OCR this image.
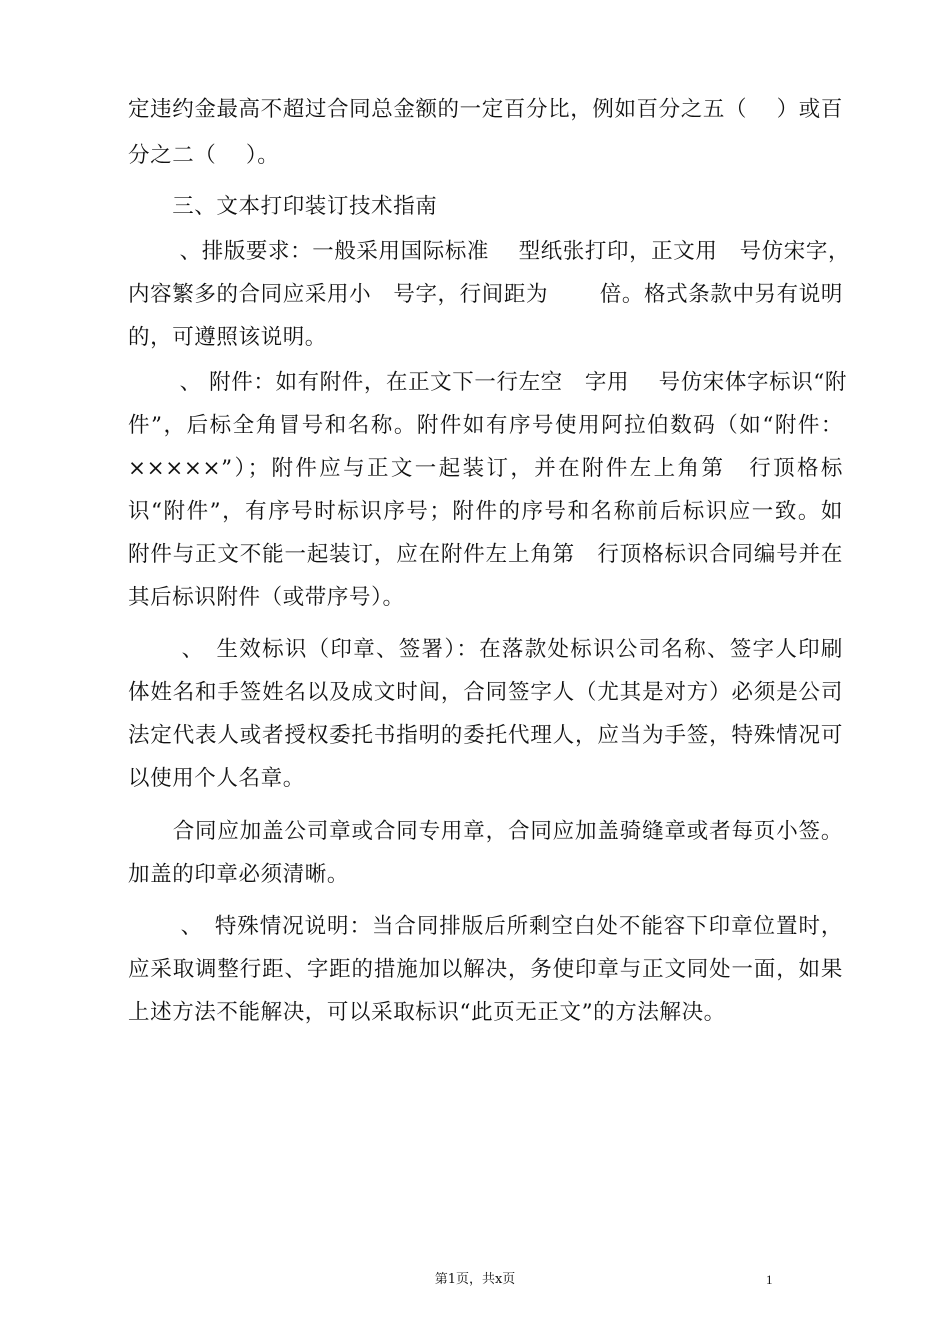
定违约金最高不超过合同总金额的一定百分比，例如百分之五（　 ）或百
分之二（　 ）。
　　三、文本打印装订技术指南
　　 、排版要求：一般采用国际标准　 型纸张打印，正文用　号仿宋字，
内容繁多的合同应采用小　号字，行间距为　　 倍。格式条款中另有说明
的，可遵照该说明。
　　 、 附件：如有附件，在正文下一行左空　字用　 号仿宋体字标识“附
件”，后标全角冒号和名称。附件如有序号使用阿拉伯数码（如“附件：
×××××”）；附件应与正文一起装订，并在附件左上角第　行顶格标
识“附件”，有序号时标识序号；附件的序号和名称前后标识应一致。如
附件与正文不能一起装订，应在附件左上角第　行顶格标识合同编号并在
其后标识附件（或带序号）。
　　 、　生效标识（印章、签署）：在落款处标识公司名称、签字人印刷
体姓名和手签姓名以及成文时间，合同签字人（尤其是对方）必须是公司
法定代表人或者授权委托书指明的委托代理人，应当为手签，特殊情况可
以使用个人名章。
　　合同应加盖公司章或合同专用章，合同应加盖骑缝章或者每页小签。
加盖的印章必须清晰。
　　 、　特殊情况说明：当合同排版后所剩空白处不能容下印章位置时，
应采取调整行距、字距的措施加以解决，务使印章与正文同处一面，如果
上述方法不能解决，可以采取标识“此页无正文”的方法解决。
第1页，共x页	1
